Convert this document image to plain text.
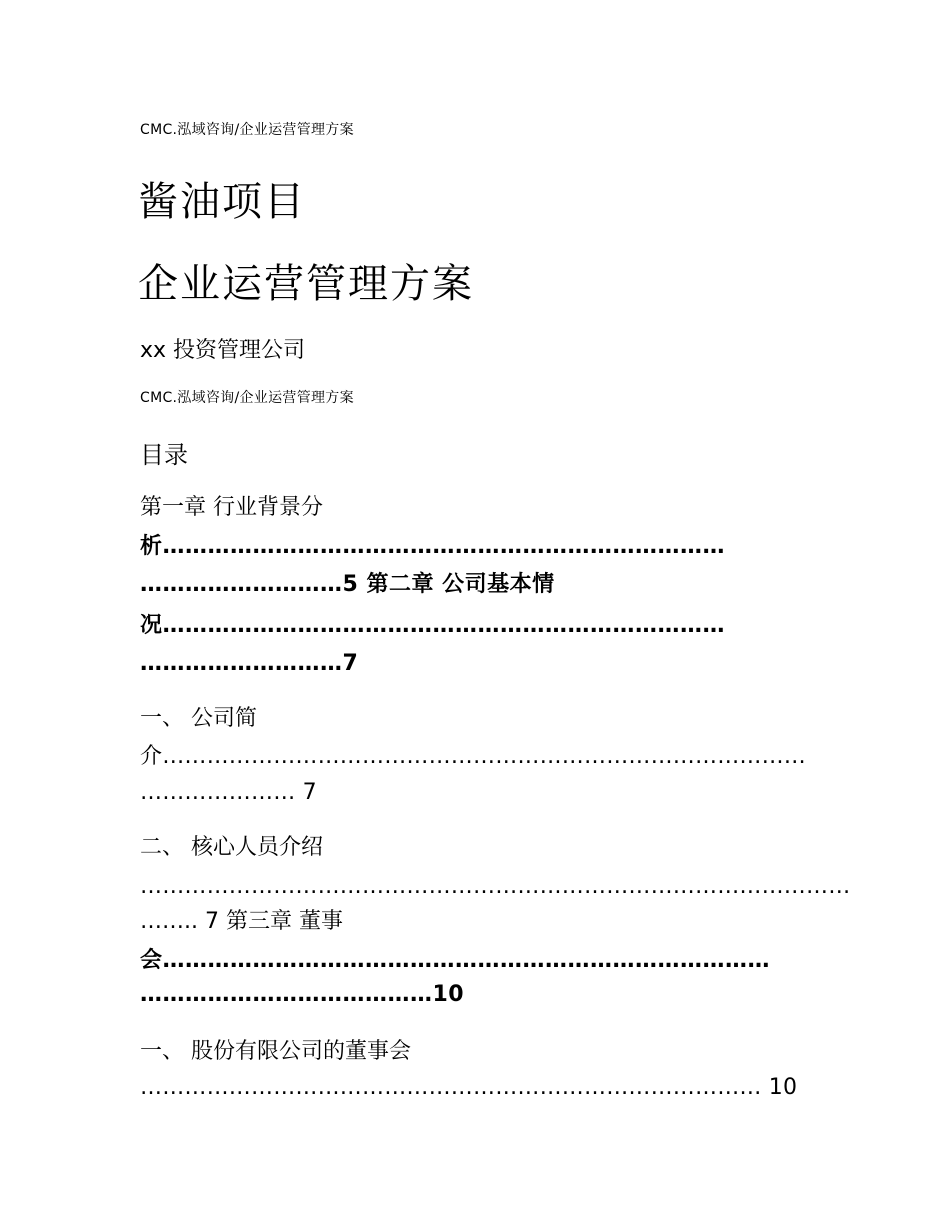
CMC.泓域咨询/企业运营管理方案
酱油项目
企业运营管理方案
xx 投资管理公司
CMC.泓域咨询/企业运营管理方案
目录
第一章 行业背景分
析…………………………………………………………………
………………………5 第二章 公司基本情
况…………………………………………………………………
………………………7
一、 公司简
介……………………………………………………………………………
………………… 7
二、 核心人员介绍
……………………………………………………………………………………
…….. 7 第三章 董事
会………………………………………………………………………
…………………………………10
一、 股份有限公司的董事会
………………………………………………………………………… 10
